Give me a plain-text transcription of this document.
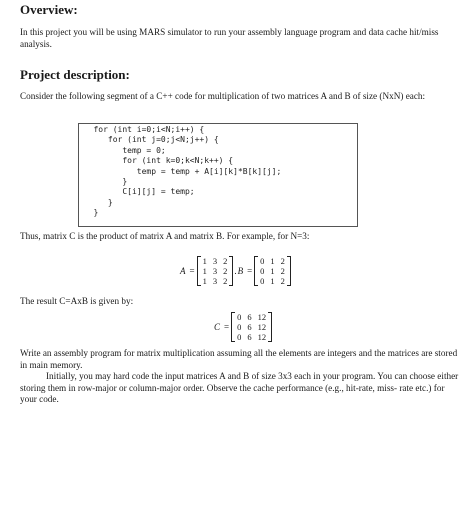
Overview:

In this project you will be using MARS simulator to run your assembly language program and data cache hit/miss analysis.

Project description:

Consider the following segment of a C++ code for multiplication of two matrices A and B of size (NxN) each:

for (int i=0;i<N;i++) {
for (int j=0;j<N;j++) {
temp = 0;
for (int k=0;k<N;k++) {
temp = temp + A[i][k]*B[k][j];
}
C[i][j] = temp;
}
}

Thus, matrix C is the product of matrix A and matrix B. For example, for N=3:

A =
1	3	2
1	3	2
1	3	2
. B =
0	1	2
0	1	2
0	1	2

The result C=AxB is given by:

C =
0	6	12
0	6	12
0	6	12

Write an assembly program for matrix multiplication assuming all the elements are integers and the matrices are stored in main memory.

Initially, you may hard code the input matrices A and B of size 3x3 each in your program. You can choose either storing them in row-major or column-major order. Observe the cache performance (e.g., hit-rate, miss- rate etc.) for your code.
